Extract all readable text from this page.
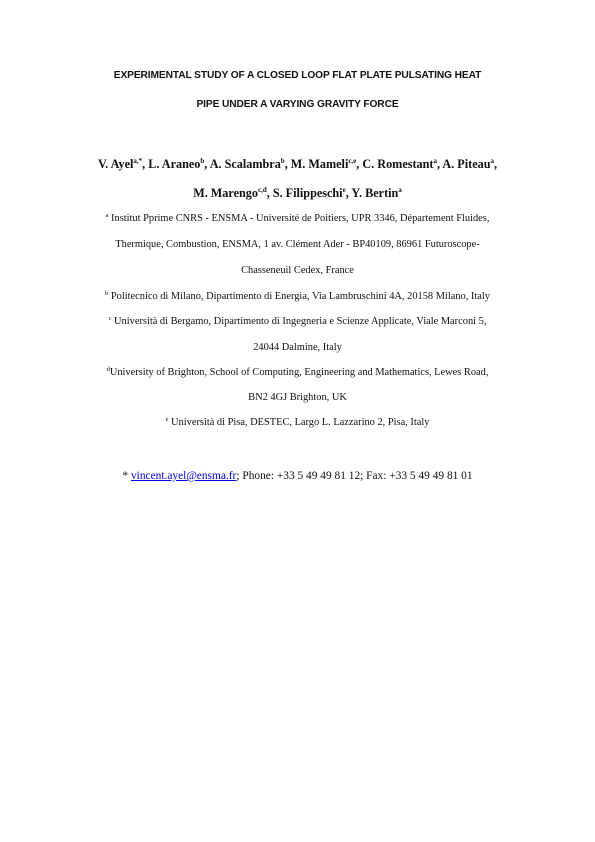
EXPERIMENTAL STUDY OF A CLOSED LOOP FLAT PLATE PULSATING HEAT
PIPE UNDER A VARYING GRAVITY FORCE
V. Ayel$^{a,*}$, L. Araneo$^b$, A. Scalambra$^b$, M. Mameli$^{c,e}$, C. Romestant$^a$, A. Piteau$^a$,
M. Marengo$^{c,d}$, S. Filippeschi$^e$, Y. Bertin$^a$
$^a$ Institut Pprime CNRS - ENSMA - Université de Poitiers, UPR 3346, Département Fluides,
Thermique, Combustion, ENSMA, 1 av. Clément Ader - BP40109, 86961 Futuroscope-
Chasseneuil Cedex, France
$^b$ Politecnico di Milano, Dipartimento di Energia, Via Lambruschini 4A, 20158 Milano, Italy
$^c$ Università di Bergamo, Dipartimento di Ingegneria e Scienze Applicate, Viale Marconi 5,
24044 Dalmine, Italy
$^d$University of Brighton, School of Computing, Engineering and Mathematics, Lewes Road,
BN2 4GJ Brighton, UK
$^e$ Università di Pisa, DESTEC, Largo L. Lazzarino 2, Pisa, Italy
* vincent.ayel@ensma.fr; Phone: +33 5 49 49 81 12; Fax: +33 5 49 49 81 01
